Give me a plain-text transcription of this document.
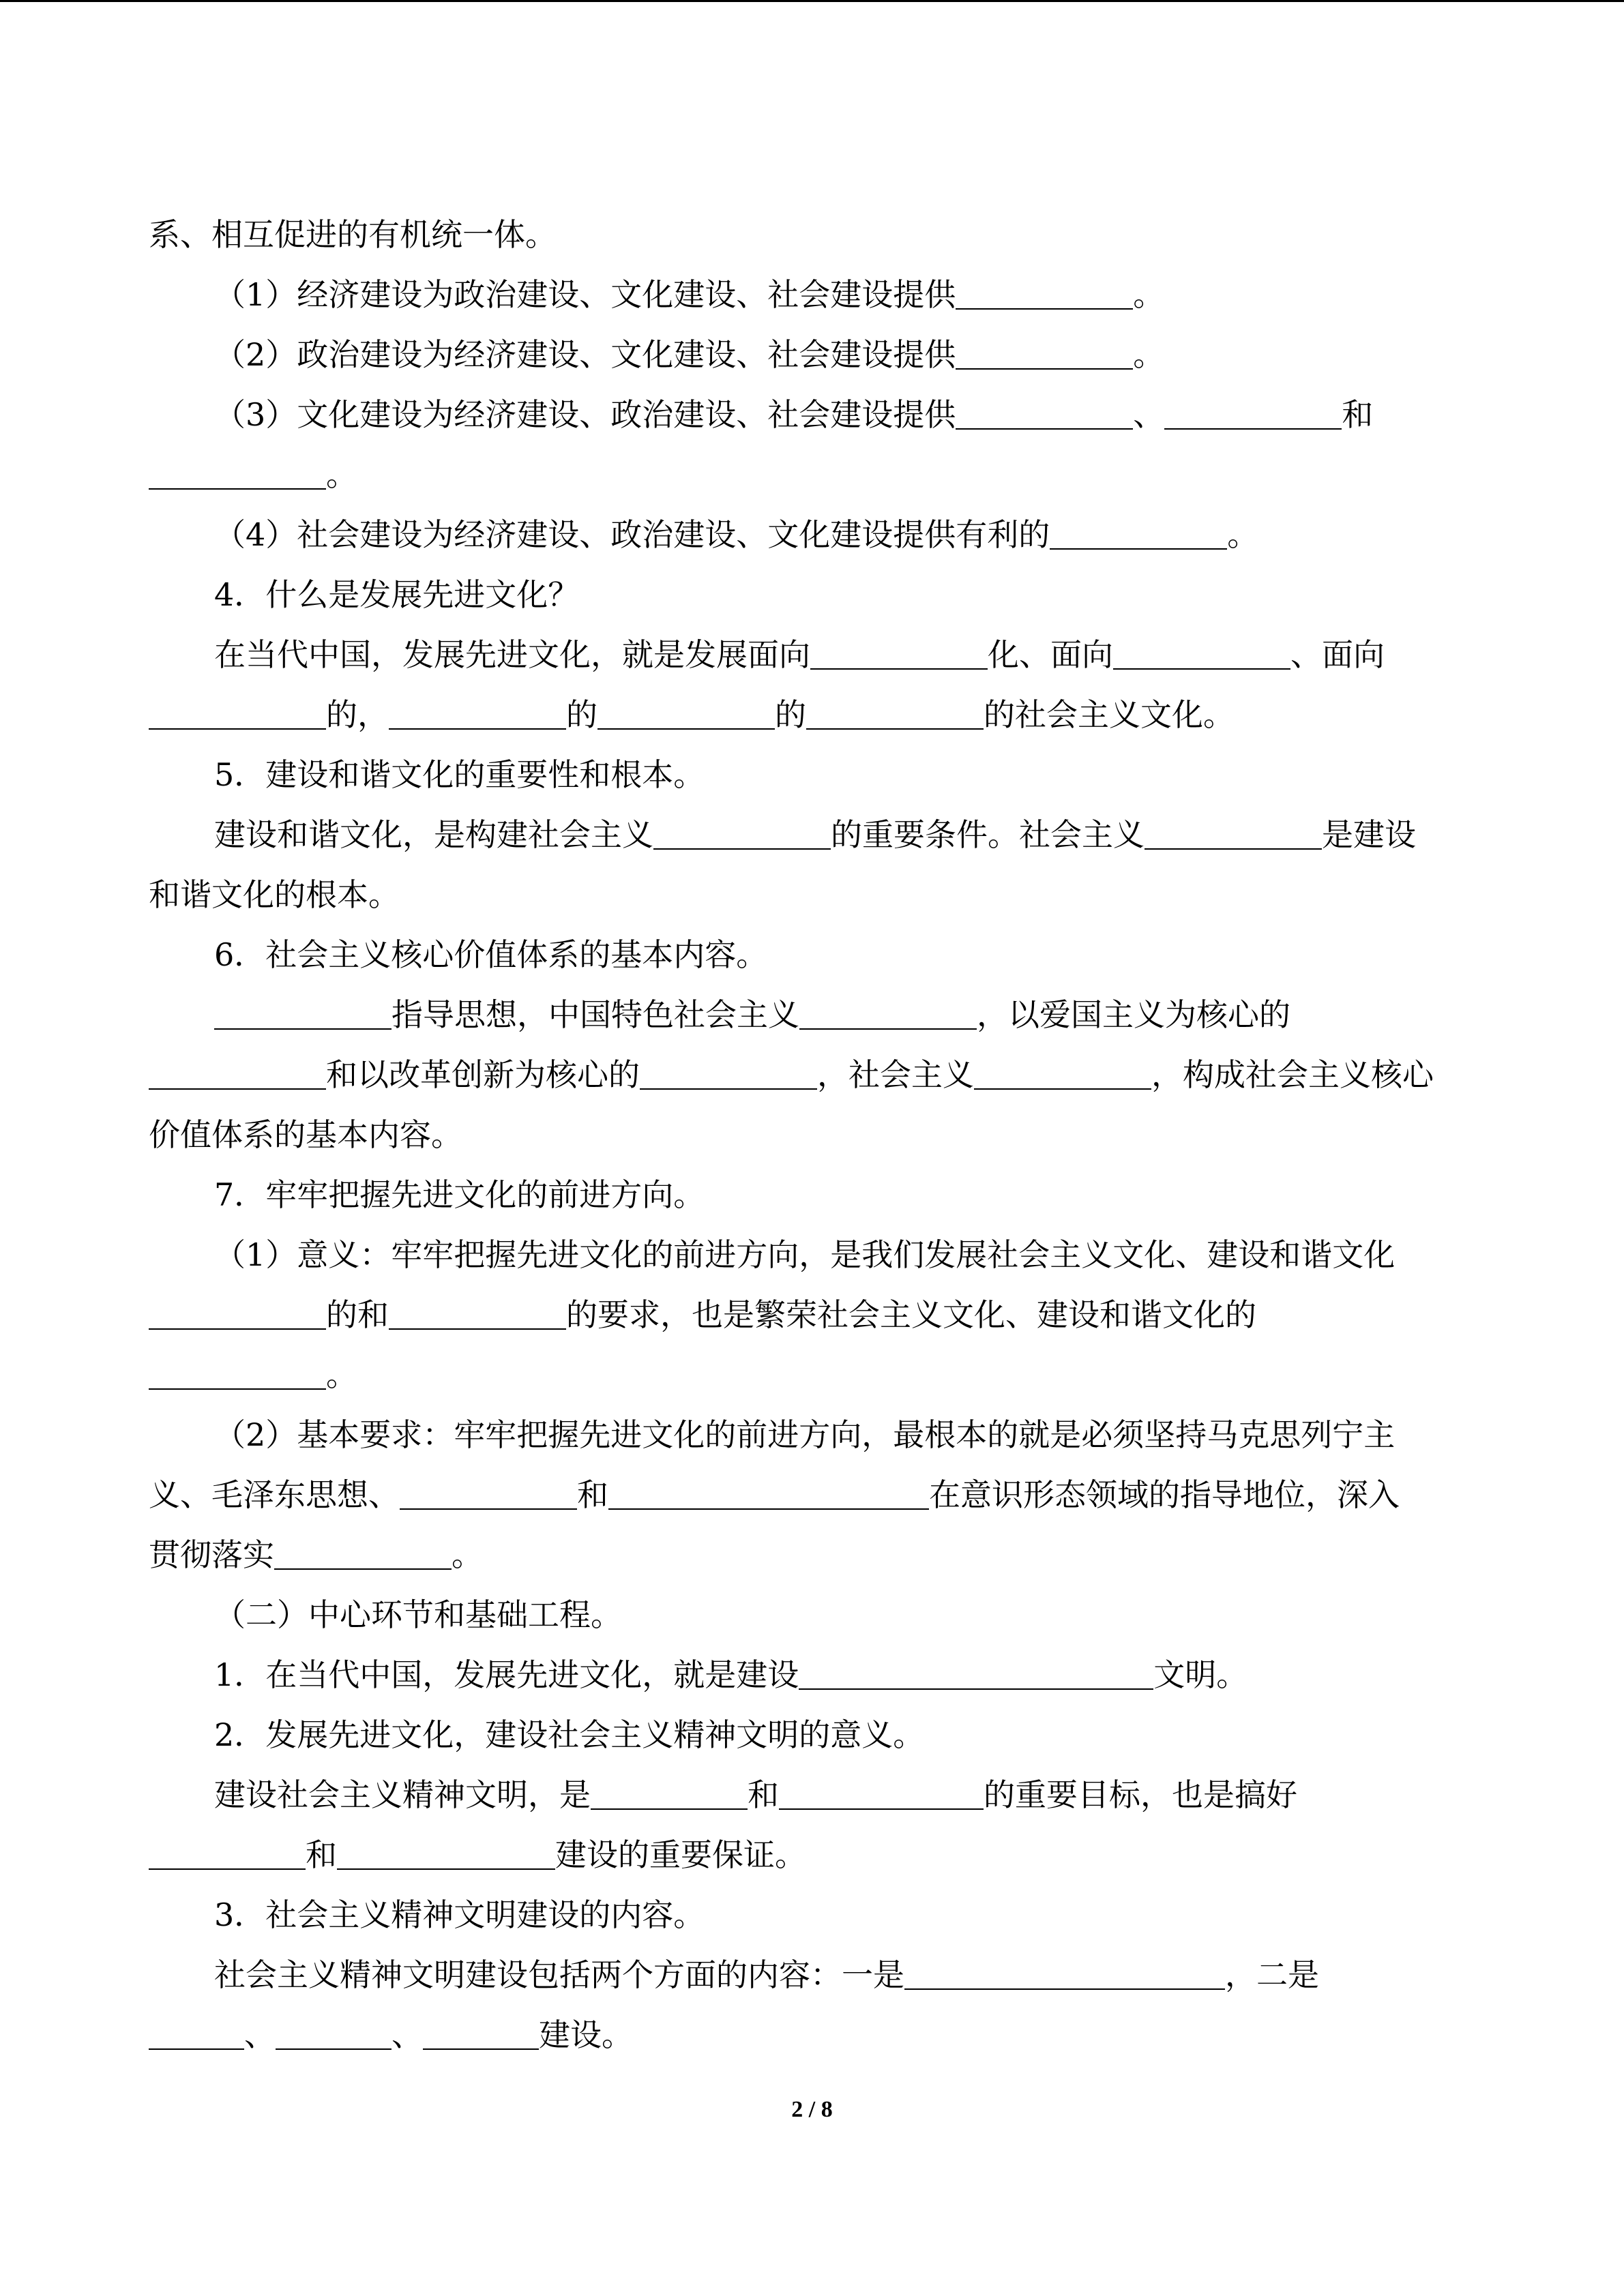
系、相互促进的有机统一体。
（1）经济建设为政治建设、文化建设、社会建设提供	。
（2）政治建设为经济建设、文化建设、社会建设提供	。
（3）文化建设为经济建设、政治建设、社会建设提供	、	和
。
（4）社会建设为经济建设、政治建设、文化建设提供有利的	。
4．什么是发展先进文化？
在当代中国，发展先进文化，就是发展面向	化、面向	、面向
的，	的	的	的社会主义文化。
5．建设和谐文化的重要性和根本。
建设和谐文化，是构建社会主义	的重要条件。社会主义	是建设
和谐文化的根本。
6．社会主义核心价值体系的基本内容。
指导思想，中国特色社会主义	，以爱国主义为核心的
和以改革创新为核心的	，社会主义	，构成社会主义核心
价值体系的基本内容。
7．牢牢把握先进文化的前进方向。
（1）意义：牢牢把握先进文化的前进方向，是我们发展社会主义文化、建设和谐文化
的和	的要求，也是繁荣社会主义文化、建设和谐文化的
。
（2）基本要求：牢牢把握先进文化的前进方向，最根本的就是必须坚持马克思列宁主
义、毛泽东思想、	和	在意识形态领域的指导地位，深入
贯彻落实	。
（二）中心环节和基础工程。
1．在当代中国，发展先进文化，就是建设	文明。
2．发展先进文化，建设社会主义精神文明的意义。
建设社会主义精神文明，是	和	的重要目标，也是搞好
和	建设的重要保证。
3．社会主义精神文明建设的内容。
社会主义精神文明建设包括两个方面的内容：一是	，二是
、	、	建设。
2 / 8
